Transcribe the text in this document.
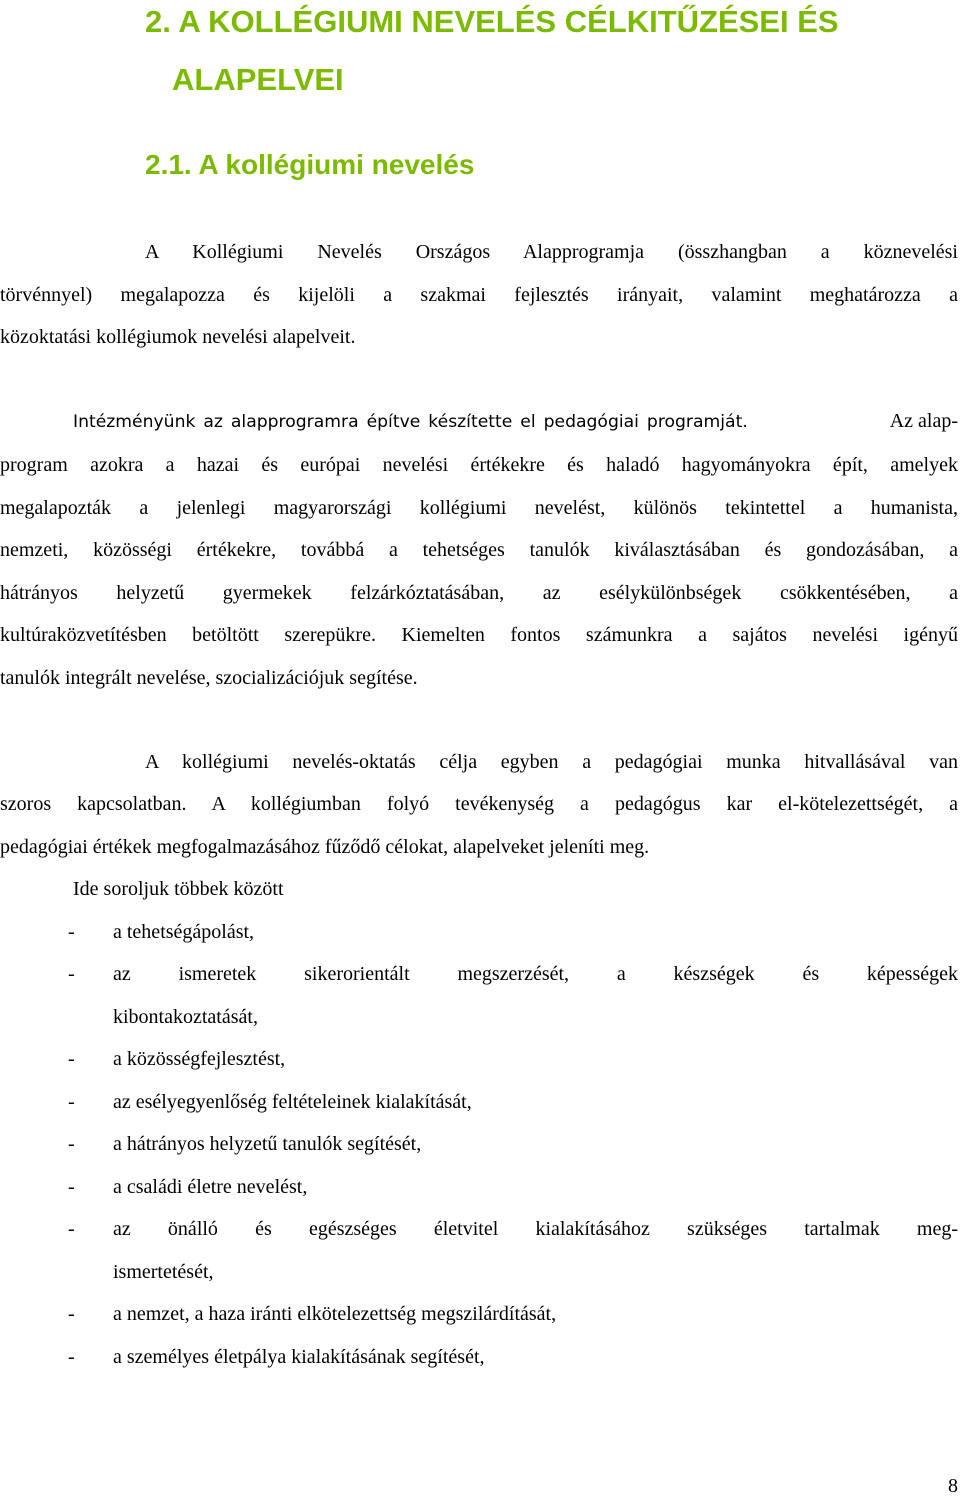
2. A KOLLÉGIUMI NEVELÉS CÉLKITŰZÉSEI ÉS
ALAPELVEI
2.1. A kollégiumi nevelés
A Kollégiumi Nevelés Országos Alapprogramja (összhangban a köznevelési
törvénnyel) megalapozza és kijelöli a szakmai fejlesztés irányait, valamint meghatározza a
közoktatási kollégiumok nevelési alapelveit.
Intézményünk az alapprogramra építve készítette el pedagógiai programját.	Az alap-
program azokra a hazai és európai nevelési értékekre és haladó hagyományokra épít, amelyek
megalapozták a jelenlegi magyarországi kollégiumi nevelést, különös tekintettel a humanista,
nemzeti, közösségi értékekre, továbbá a tehetséges tanulók kiválasztásában és gondozásában, a
hátrányos helyzetű gyermekek felzárkóztatásában, az esélykülönbségek csökkentésében, a
kultúraközvetítésben betöltött szerepükre. Kiemelten fontos számunkra a sajátos nevelési igényű
tanulók integrált nevelése, szocializációjuk segítése.
A kollégiumi nevelés-oktatás célja egyben a pedagógiai munka hitvallásával van
szoros kapcsolatban. A kollégiumban folyó tevékenység a pedagógus kar el-kötelezettségét, a
pedagógiai értékek megfogalmazásához fűződő célokat, alapelveket jeleníti meg.
Ide soroljuk többek között
- a tehetségápolást,
- az ismeretek sikerorientált megszerzését, a készségek és képességek
kibontakoztatását,
- a közösségfejlesztést,
- az esélyegyenlőség feltételeinek kialakítását,
- a hátrányos helyzetű tanulók segítését,
- a családi életre nevelést,
- az önálló és egészséges életvitel kialakításához szükséges tartalmak meg-
ismertetését,
- a nemzet, a haza iránti elkötelezettség megszilárdítását,
- a személyes életpálya kialakításának segítését,
8
